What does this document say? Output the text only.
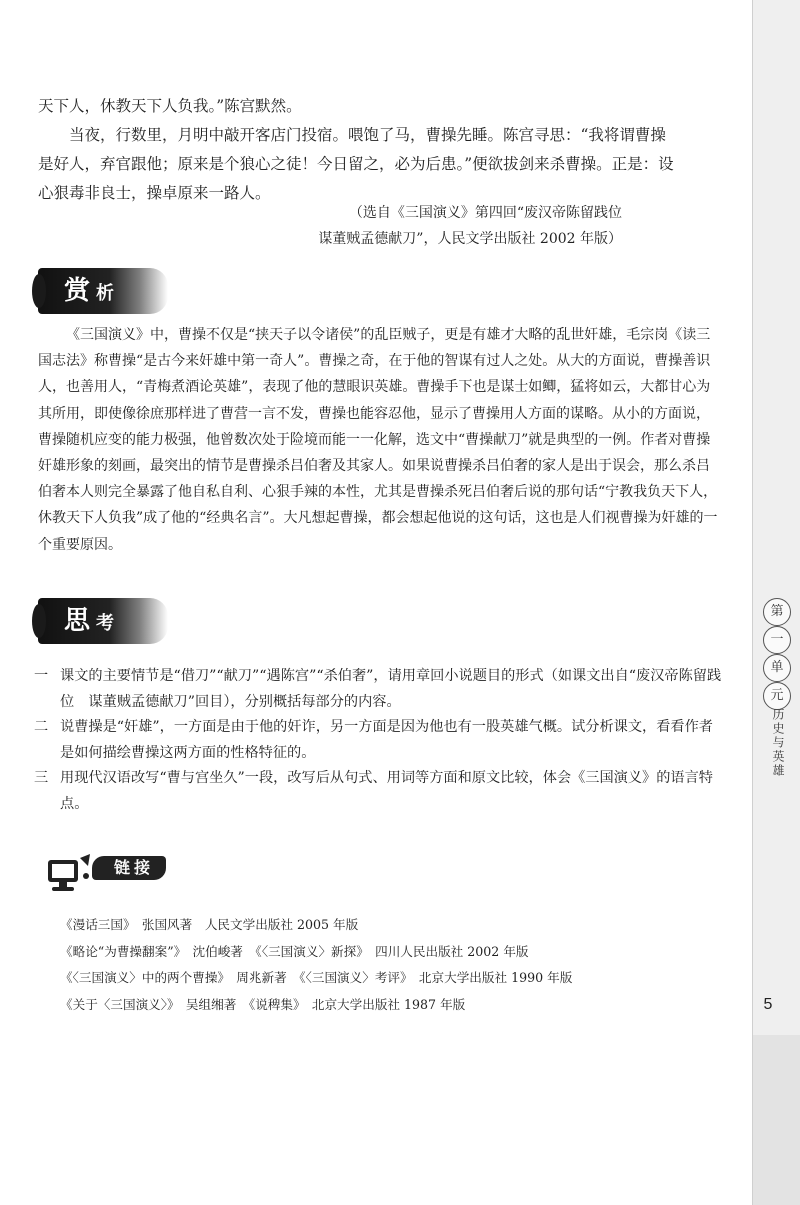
天下人，休教天下人负我。”陈宫默然。

当夜，行数里，月明中敲开客店门投宿。喂饱了马，曹操先睡。陈宫寻思：“我将谓曹操是好人，弃官跟他；原来是个狼心之徒！今日留之，必为后患。”便欲拔剑来杀曹操。正是：设心狠毒非良士，操卓原来一路人。

（选自《三国演义》第四回“废汉帝陈留践位
谋董贼孟德献刀”，人民文学出版社 2002 年版）
赏析

《三国演义》中，曹操不仅是“挟天子以令诸侯”的乱臣贼子，更是有雄才大略的乱世奸雄，毛宗岗《读三国志法》称曹操“是古今来奸雄中第一奇人”。曹操之奇，在于他的智谋有过人之处。从大的方面说，曹操善识人，也善用人，“青梅煮酒论英雄”，表现了他的慧眼识英雄。曹操手下也是谋士如鲫，猛将如云，大都甘心为其所用，即使像徐庶那样进了曹营一言不发，曹操也能容忍他，显示了曹操用人方面的谋略。从小的方面说，曹操随机应变的能力极强，他曾数次处于险境而能一一化解，选文中“曹操献刀”就是典型的一例。作者对曹操奸雄形象的刻画，最突出的情节是曹操杀吕伯奢及其家人。如果说曹操杀吕伯奢的家人是出于误会，那么杀吕伯奢本人则完全暴露了他自私自利、心狠手辣的本性，尤其是曹操杀死吕伯奢后说的那句话“宁教我负天下人，休教天下人负我”成了他的“经典名言”。大凡想起曹操，都会想起他说的这句话，这也是人们视曹操为奸雄的一个重要原因。

思考
一 课文的主要情节是“借刀”“献刀”“遇陈宫”“杀伯奢”，请用章回小说题目的形式（如课文出自“废汉帝陈留践位　谋董贼孟德献刀”回目），分别概括每部分的内容。
二 说曹操是“奸雄”，一方面是由于他的奸诈，另一方面是因为他也有一股英雄气概。试分析课文，看看作者是如何描绘曹操这两方面的性格特征的。
三 用现代汉语改写“曹与宫坐久”一段，改写后从句式、用词等方面和原文比较，体会《三国演义》的语言特点。
链接
《漫话三国》　张国风著　人民文学出版社 2005 年版
《略论“为曹操翻案”》　沈伯峻著　《〈三国演义〉新探》　四川人民出版社 2002 年版
《〈三国演义〉中的两个曹操》　周兆新著　《〈三国演义〉考评》　北京大学出版社 1990 年版
《关于〈三国演义〉》　吴组缃著　《说稗集》　北京大学出版社 1987 年版
第
一
单
元
历史与英雄
5
